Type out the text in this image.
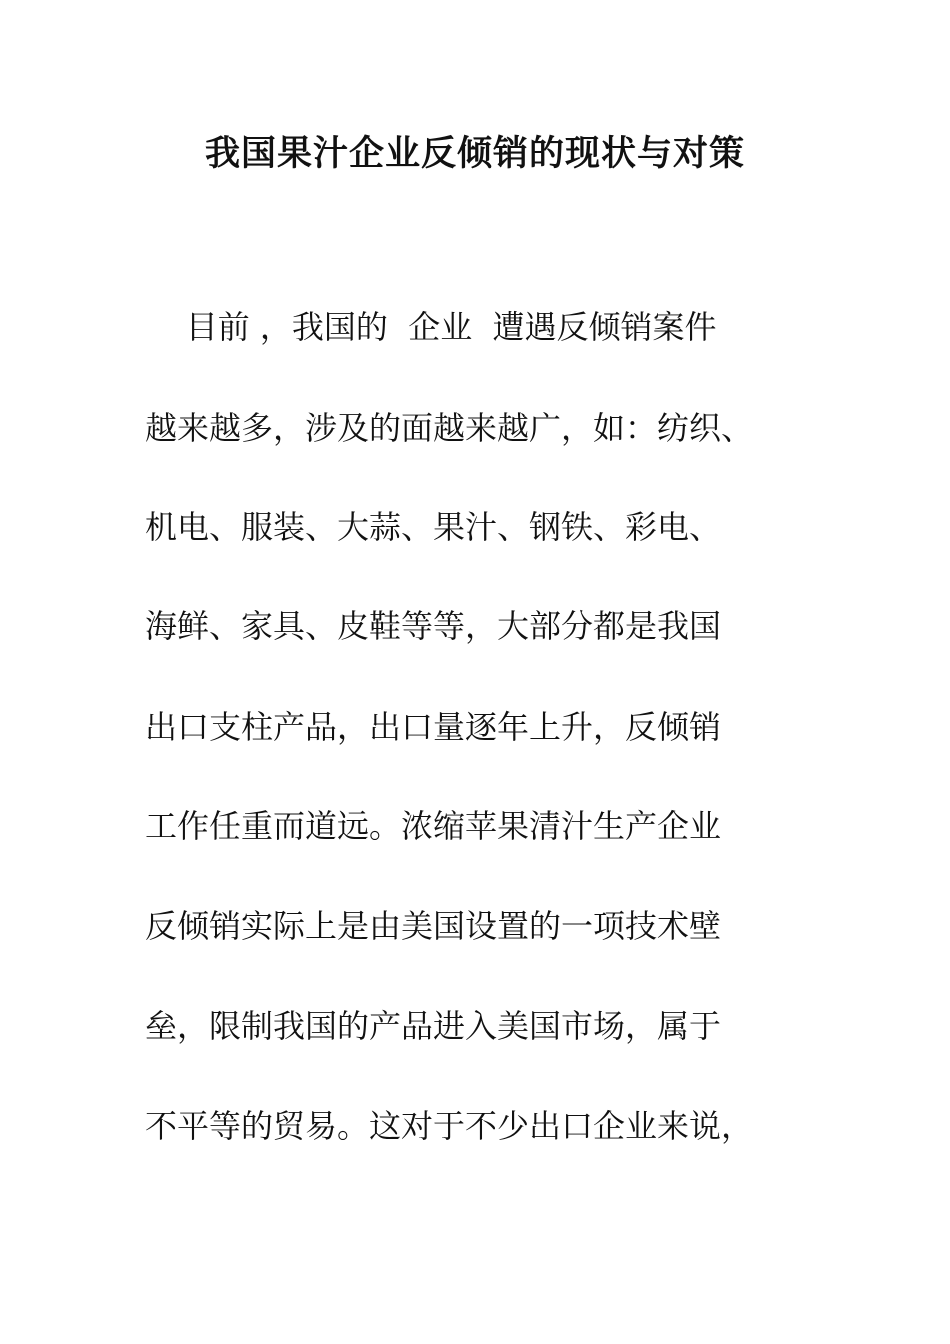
我国果汁企业反倾销的现状与对策
目前 ，我国的  企业  遭遇反倾销案件
越来越多，涉及的面越来越广，如：纺织、
机电、服装、大蒜、果汁、钢铁、彩电、
海鲜、家具、皮鞋等等，大部分都是我国
出口支柱产品，出口量逐年上升，反倾销
工作任重而道远。浓缩苹果清汁生产企业
反倾销实际上是由美国设置的一项技术壁
垒，限制我国的产品进入美国市场，属于
不平等的贸易。这对于不少出口企业来说，
